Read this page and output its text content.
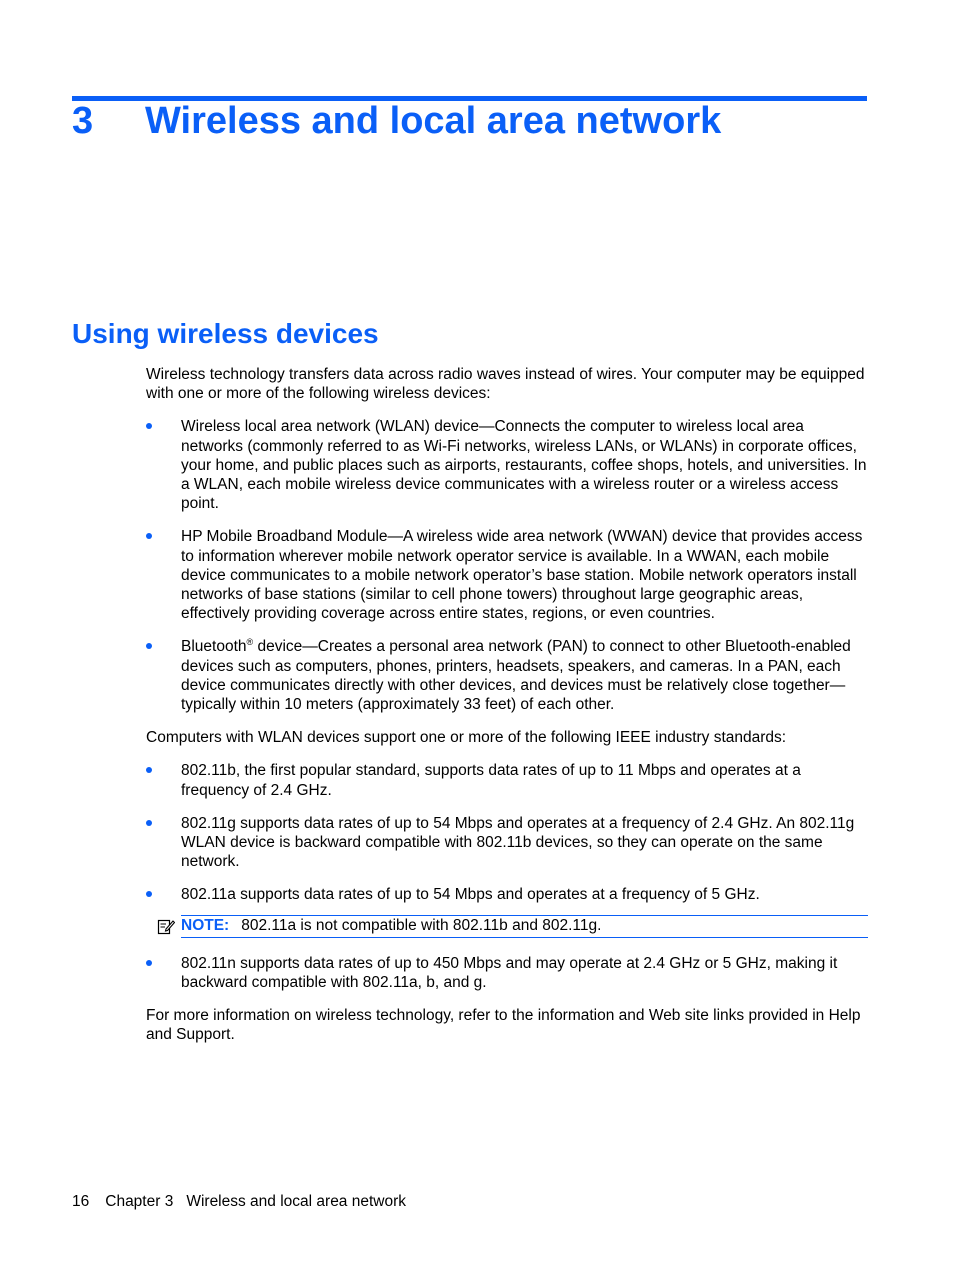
3 Wireless and local area network
Using wireless devices

Wireless technology transfers data across radio waves instead of wires. Your computer may be equipped with one or more of the following wireless devices:

Wireless local area network (WLAN) device—Connects the computer to wireless local area networks (commonly referred to as Wi-Fi networks, wireless LANs, or WLANs) in corporate offices, your home, and public places such as airports, restaurants, coffee shops, hotels, and universities. In a WLAN, each mobile wireless device communicates with a wireless router or a wireless access point.
HP Mobile Broadband Module—A wireless wide area network (WWAN) device that provides access to information wherever mobile network operator service is available. In a WWAN, each mobile device communicates to a mobile network operator’s base station. Mobile network operators install networks of base stations (similar to cell phone towers) throughout large geographic areas, effectively providing coverage across entire states, regions, or even countries.
Bluetooth® device—Creates a personal area network (PAN) to connect to other Bluetooth-enabled devices such as computers, phones, printers, headsets, speakers, and cameras. In a PAN, each device communicates directly with other devices, and devices must be relatively close together—typically within 10 meters (approximately 33 feet) of each other.

Computers with WLAN devices support one or more of the following IEEE industry standards:

802.11b, the first popular standard, supports data rates of up to 11 Mbps and operates at a frequency of 2.4 GHz.
802.11g supports data rates of up to 54 Mbps and operates at a frequency of 2.4 GHz. An 802.11g WLAN device is backward compatible with 802.11b devices, so they can operate on the same network.
802.11a supports data rates of up to 54 Mbps and operates at a frequency of 5 GHz.
NOTE: 802.11a is not compatible with 802.11b and 802.11g.
802.11n supports data rates of up to 450 Mbps and may operate at 2.4 GHz or 5 GHz, making it backward compatible with 802.11a, b, and g.

For more information on wireless technology, refer to the information and Web site links provided in Help and Support.

16 Chapter 3 Wireless and local area network
